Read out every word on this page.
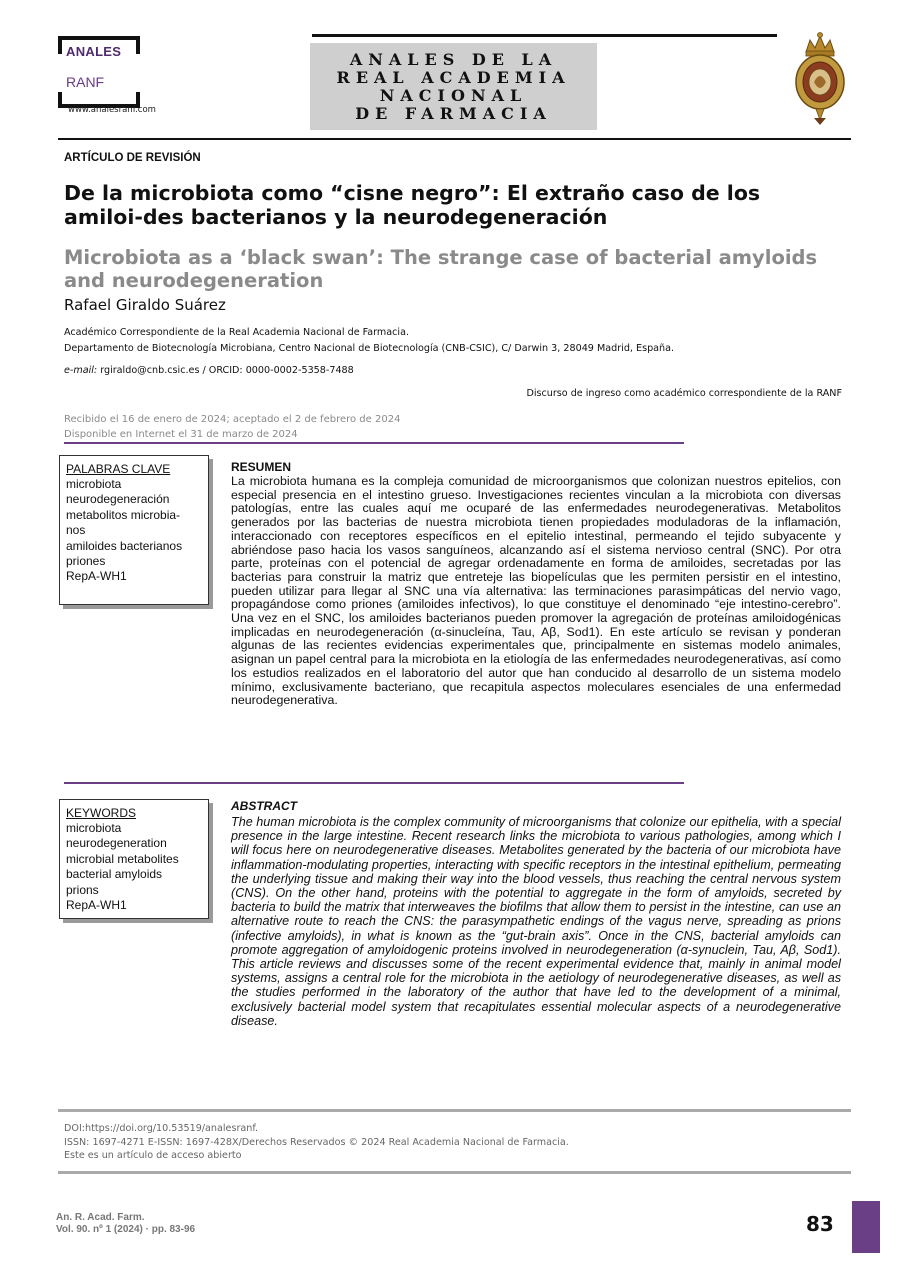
ANALES
RANF
www.analesranf.com
ANALES DE LA
REAL ACADEMIA
NACIONAL
DE FARMACIA
ARTÍCULO DE REVISIÓN
De la microbiota como “cisne negro”: El extraño caso de los amiloi-des bacterianos y la neurodegeneración
Microbiota as a ‘black swan’: The strange case of bacterial amyloids and neurodegeneration
Rafael Giraldo Suárez
Académico Correspondiente de la Real Academia Nacional de Farmacia.
Departamento de Biotecnología Microbiana, Centro Nacional de Biotecnología (CNB-CSIC), C/ Darwin 3, 28049 Madrid, España.
e-mail: rgiraldo@cnb.csic.es / ORCID: 0000-0002-5358-7488
Discurso de ingreso como académico correspondiente de la RANF
Recibido el 16 de enero de 2024; aceptado el 2 de febrero de 2024
Disponible en Internet el 31 de marzo de 2024
PALABRAS CLAVE
microbiota
neurodegeneración
metabolitos microbia-
nos
amiloides bacterianos
priones
RepA-WH1
RESUMEN

La microbiota humana es la compleja comunidad de microorganismos que colonizan nuestros epitelios, con especial presencia en el intestino grueso. Investigaciones recientes vinculan a la microbiota con diversas patologías, entre las cuales aquí me ocuparé de las enfermedades neurodegenerativas. Metabolitos generados por las bacterias de nuestra microbiota tienen propiedades moduladoras de la inflamación, interaccionado con receptores específicos en el epitelio intestinal, permeando el tejido subyacente y abriéndose paso hacia los vasos sanguíneos, alcanzando así el sistema nervioso central (SNC). Por otra parte, proteínas con el potencial de agregar ordenadamente en forma de amiloides, secretadas por las bacterias para construir la matriz que entreteje las biopelículas que les permiten persistir en el intestino, pueden utilizar para llegar al SNC una vía alternativa: las terminaciones parasimpáticas del nervio vago, propagándose como priones (amiloides infectivos), lo que constituye el denominado “eje intestino-cerebro”. Una vez en el SNC, los amiloides bacterianos pueden promover la agregación de proteínas amiloidogénicas implicadas en neurodegeneración (α-sinucleína, Tau, Aβ, Sod1). En este artículo se revisan y ponderan algunas de las recientes evidencias experimentales que, principalmente en sistemas modelo animales, asignan un papel central para la microbiota en la etiología de las enfermedades neurodegenerativas, así como los estudios realizados en el laboratorio del autor que han conducido al desarrollo de un sistema modelo mínimo, exclusivamente bacteriano, que recapitula aspectos moleculares esenciales de una enfermedad neurodegenerativa.

KEYWORDS
microbiota
neurodegeneration
microbial metabolites
bacterial amyloids
prions
RepA-WH1
ABSTRACT

The human microbiota is the complex community of microorganisms that colonize our epithelia, with a special presence in the large intestine. Recent research links the microbiota to various pathologies, among which I will focus here on neurodegenerative diseases. Metabolites generated by the bacteria of our microbiota have inflammation-modulating properties, interacting with specific receptors in the intestinal epithelium, permeating the underlying tissue and making their way into the blood vessels, thus reaching the central nervous system (CNS). On the other hand, proteins with the potential to aggregate in the form of amyloids, secreted by bacteria to build the matrix that interweaves the biofilms that allow them to persist in the intestine, can use an alternative route to reach the CNS: the parasympathetic endings of the vagus nerve, spreading as prions (infective amyloids), in what is known as the “gut-brain axis”. Once in the CNS, bacterial amyloids can promote aggregation of amyloidogenic proteins involved in neurodegeneration (α-synuclein, Tau, Aβ, Sod1). This article reviews and discusses some of the recent experimental evidence that, mainly in animal model systems, assigns a central role for the microbiota in the aetiology of neurodegenerative diseases, as well as the studies performed in the laboratory of the author that have led to the development of a minimal, exclusively bacterial model system that recapitulates essential molecular aspects of a neurodegenerative disease.

DOI:https://doi.org/10.53519/analesranf.
ISSN: 1697-4271 E-ISSN: 1697-428X/Derechos Reservados © 2024 Real Academia Nacional de Farmacia.
Este es un artículo de acceso abierto
An. R. Acad. Farm.
Vol. 90. nº 1 (2024) · pp. 83-96	83
